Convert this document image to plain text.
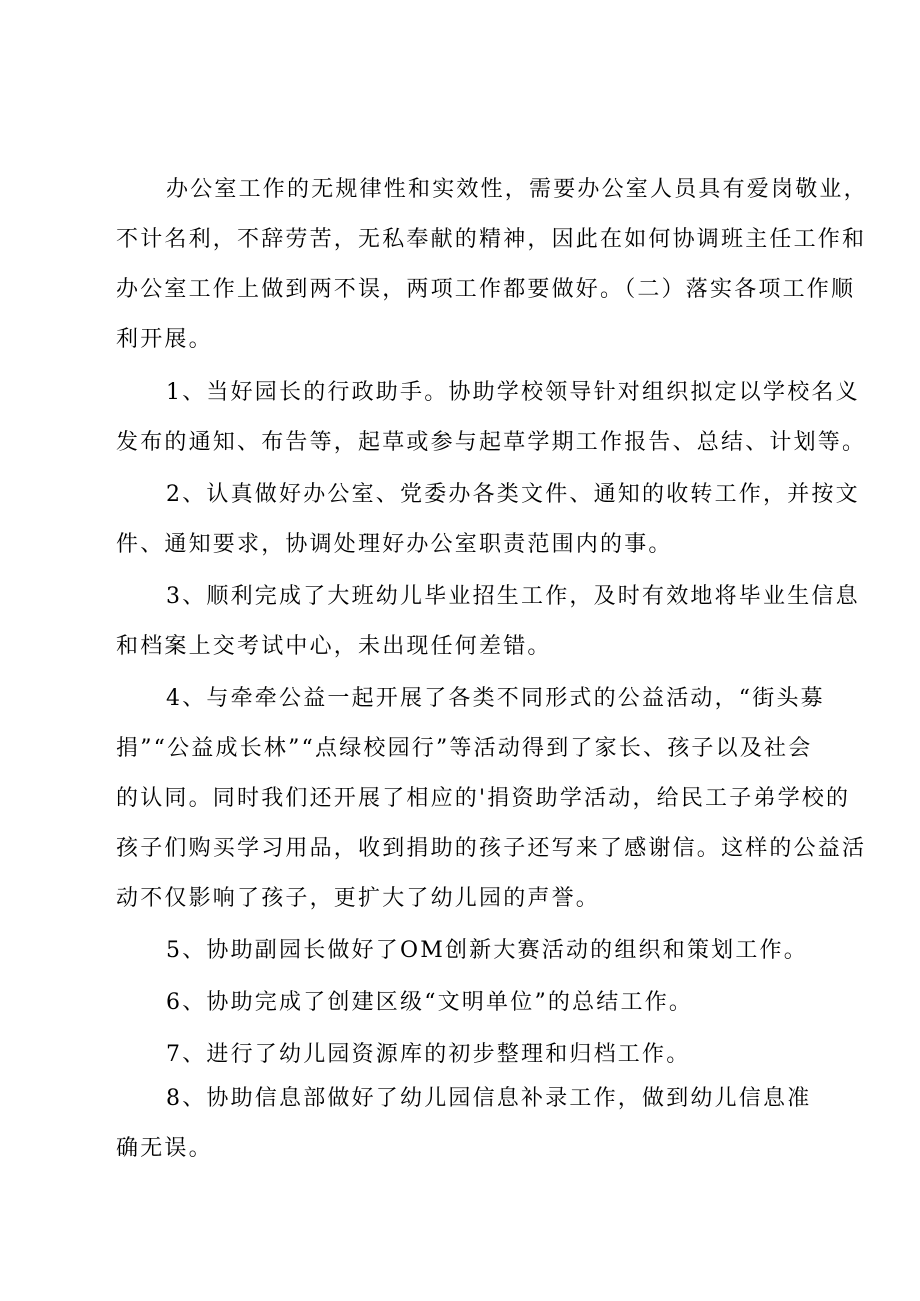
办公室工作的无规律性和实效性，需要办公室人员具有爱岗敬业，
不计名利，不辞劳苦，无私奉献的精神，因此在如何协调班主任工作和
办公室工作上做到两不误，两项工作都要做好。（二）落实各项工作顺
利开展。
1、当好园长的行政助手。协助学校领导针对组织拟定以学校名义
发布的通知、布告等，起草或参与起草学期工作报告、总结、计划等。
2、认真做好办公室、党委办各类文件、通知的收转工作，并按文
件、通知要求，协调处理好办公室职责范围内的事。
3、顺利完成了大班幼儿毕业招生工作，及时有效地将毕业生信息
和档案上交考试中心，未出现任何差错。
4、与牵牵公益一起开展了各类不同形式的公益活动，“街头募
捐”“公益成长林”“点绿校园行”等活动得到了家长、孩子以及社会
的认同。同时我们还开展了相应的'捐资助学活动，给民工子弟学校的
孩子们购买学习用品，收到捐助的孩子还写来了感谢信。这样的公益活
动不仅影响了孩子，更扩大了幼儿园的声誉。
5、协助副园长做好了OM创新大赛活动的组织和策划工作。
6、协助完成了创建区级“文明单位”的总结工作。
7、进行了幼儿园资源库的初步整理和归档工作。
8、协助信息部做好了幼儿园信息补录工作，做到幼儿信息准
确无误。
